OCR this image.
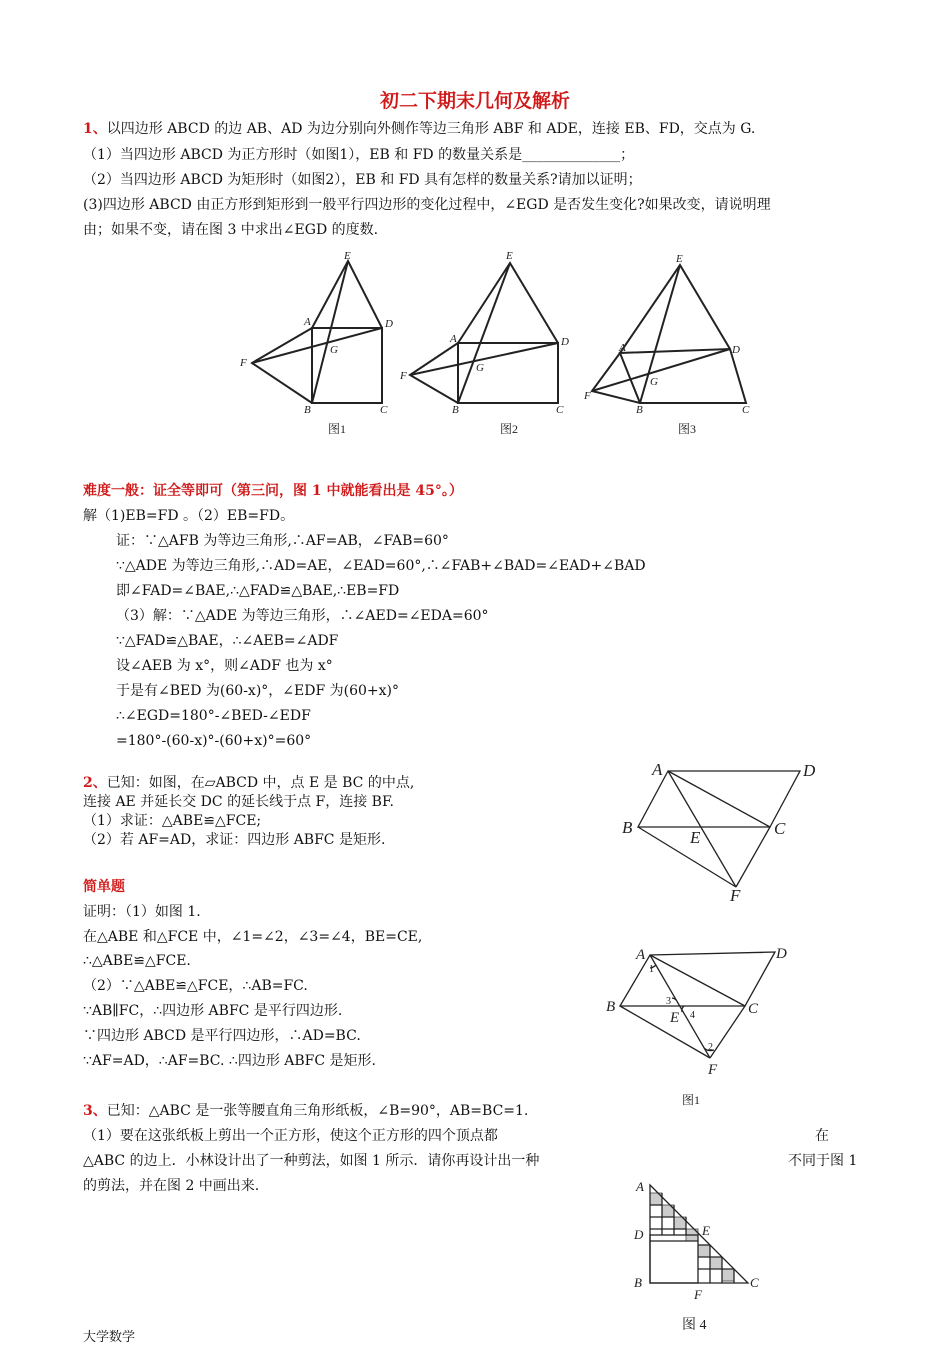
初二下期末几何及解析
1、以四边形 ABCD 的边 AB、AD 为边分别向外侧作等边三角形 ABF 和 ADE，连接 EB、FD，交点为 G.
（1）当四边形 ABCD 为正方形时（如图1），EB 和 FD 的数量关系是______________；
（2）当四边形 ABCD 为矩形时（如图2），EB 和 FD 具有怎样的数量关系?请加以证明；
(3)四边形 ABCD 由正方形到矩形到一般平行四边形的变化过程中，∠EGD 是否发生变化?如果改变，请说明理
由；如果不变，请在图 3 中求出∠EGD 的度数.
E
A	D
G
F
B	C
E
A	D
G
F
B	C
E
A	D
G
F
B	C
图1	图2	图3
难度一般：证全等即可（第三问，图 1 中就能看出是 45°。）
解（1)EB=FD 。（2）EB=FD。
证：∵△AFB 为等边三角形,∴AF=AB，∠FAB=60°
∵△ADE 为等边三角形,∴AD=AE，∠EAD=60°,∴∠FAB+∠BAD=∠EAD+∠BAD
即∠FAD=∠BAE,∴△FAD≌△BAE,∴EB=FD
（3）解：∵△ADE 为等边三角形，∴∠AED=∠EDA=60°
∵△FAD≌△BAE，∴∠AEB=∠ADF
设∠AEB 为 x°，则∠ADF 也为 x°
于是有∠BED 为(60-x)°，∠EDF 为(60+x)°
∴∠EGD=180°-∠BED-∠EDF
=180°-(60-x)°-(60+x)°=60°
2、已知：如图，在▱ABCD 中，点 E 是 BC 的中点,
连接 AE 并延长交 DC 的延长线于点 F，连接 BF.
（1）求证：△ABE≌△FCE;
（2）若 AF=AD，求证：四边形 ABFC 是矩形.
A	D
B
E	C
F
简单题
证明：（1）如图 1.
在△ABE 和△FCE 中，∠1=∠2，∠3=∠4，BE=CE,
∴△ABE≌△FCE.
（2）∵△ABE≌△FCE，∴AB=FC.
∵AB∥FC，∴四边形 ABFC 是平行四边形.
∵四边形 ABCD 是平行四边形，∴AD=BC.
∵AF=AD，∴AF=BC. ∴四边形 ABFC 是矩形.
A	D
B
E
C
F
1
3
4
2
图1
3、已知：△ABC 是一张等腰直角三角形纸板，∠B=90°，AB=BC=1.
（1）要在这张纸板上剪出一个正方形，使这个正方形的四个顶点都	在
△ABC 的边上．小林设计出了一种剪法，如图 1 所示．请你再设计出一种	不同于图 1
的剪法，并在图 2 中画出来.	A
D	E
B
F
C
图 4
大学数学
